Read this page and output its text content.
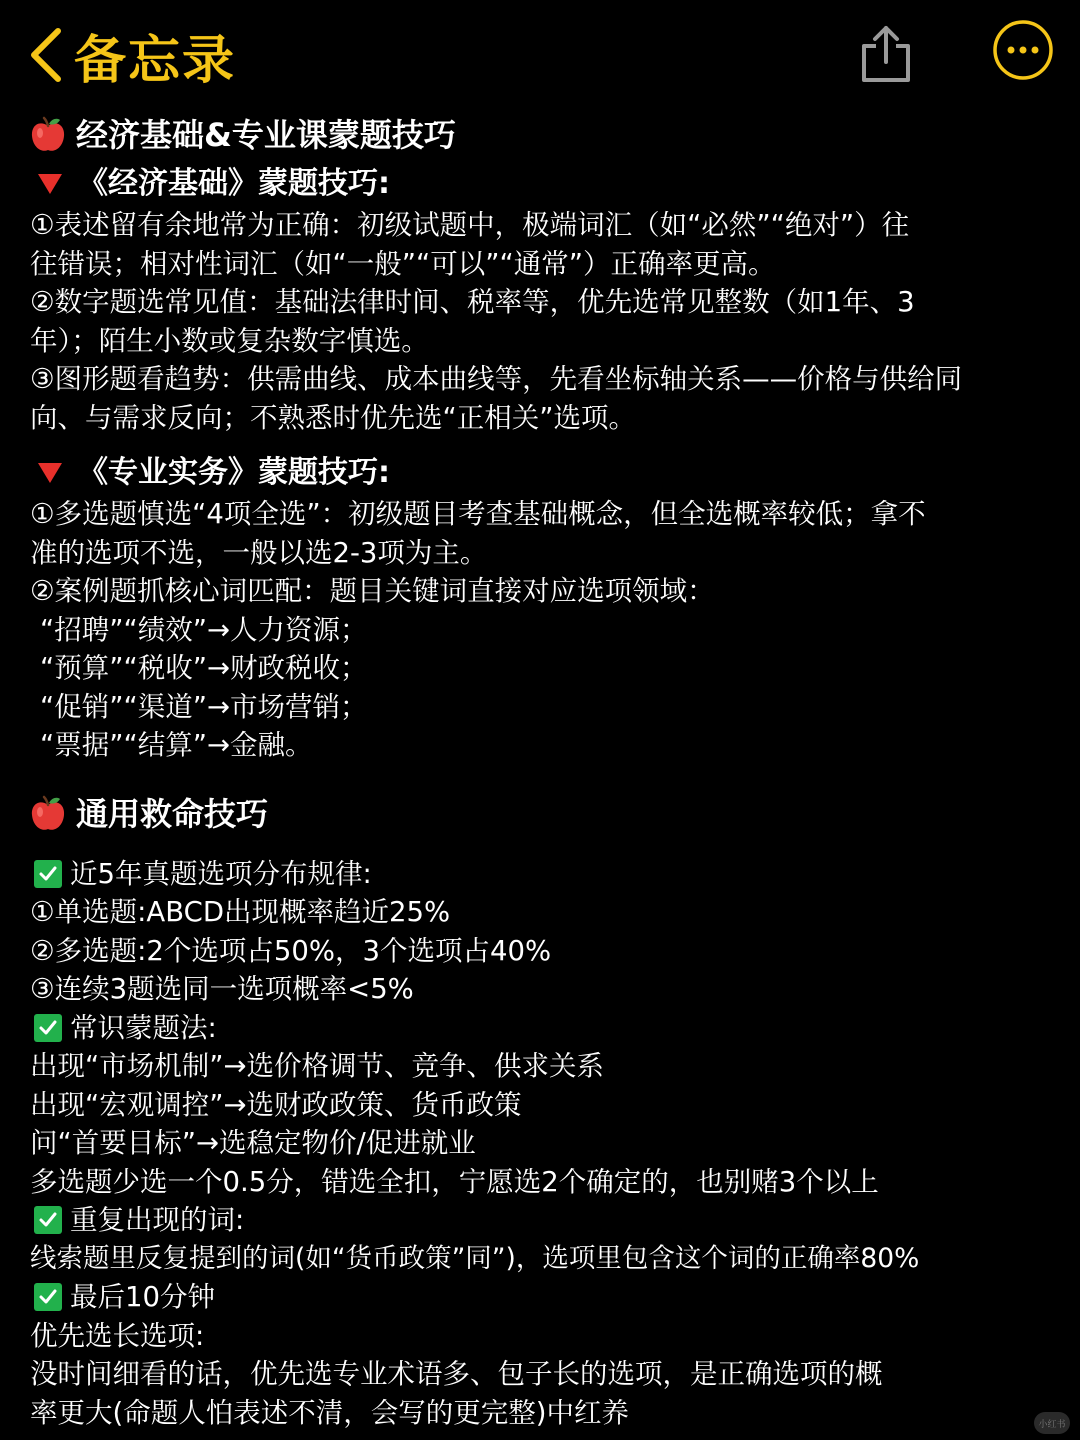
备忘录
经济基础&专业课蒙题技巧
《经济基础》蒙题技巧:
①表述留有余地常为正确：初级试题中，极端词汇（如“必然”“绝对”）往
往错误；相对性词汇（如“一般”“可以”“通常”）正确率更高。
②数字题选常见值：基础法律时间、税率等，优先选常见整数（如1年、3
年）；陌生小数或复杂数字慎选。
③图形题看趋势：供需曲线、成本曲线等，先看坐标轴关系——价格与供给同
向、与需求反向；不熟悉时优先选“正相关”选项。
《专业实务》蒙题技巧:
①多选题慎选“4项全选”：初级题目考查基础概念，但全选概率较低；拿不
准的选项不选，一般以选2-3项为主。
②案例题抓核心词匹配：题目关键词直接对应选项领域：
“招聘”“绩效”→人力资源；
“预算”“税收”→财政税收；
“促销”“渠道”→市场营销；
“票据”“结算”→金融。
通用救命技巧
近5年真题选项分布规律:
①单选题:ABCD出现概率趋近25%
②多选题:2个选项占50%，3个选项占40%
③连续3题选同一选项概率<5%
常识蒙题法:
出现“市场机制”→选价格调节、竞争、供求关系
出现“宏观调控”→选财政政策、货币政策
问“首要目标”→选稳定物价/促进就业
多选题少选一个0.5分，错选全扣，宁愿选2个确定的，也别赌3个以上
重复出现的词:
线索题里反复提到的词(如“货币政策”同”)，选项里包含这个词的正确率80%
最后10分钟
优先选长选项:
没时间细看的话，优先选专业术语多、包子长的选项，是正确选项的概
率更大(命题人怕表述不清，会写的更完整)中红养	小红书
